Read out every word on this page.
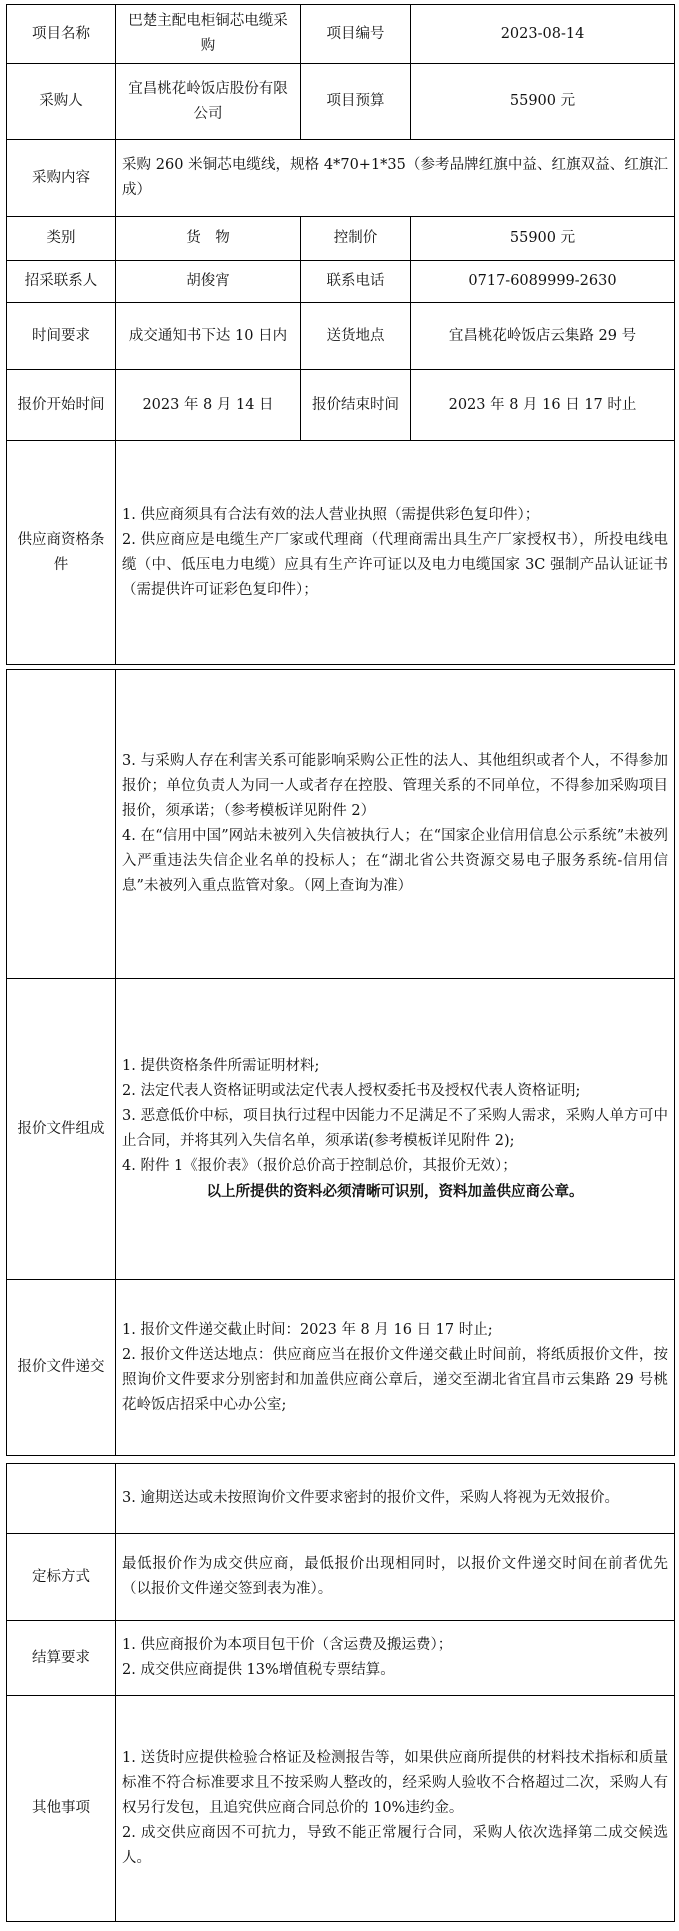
项目名称	巴楚主配电柜铜芯电缆采购	项目编号	2023-08-14
采购人	宜昌桃花岭饭店股份有限公司	项目预算	55900 元
采购内容	采购 260 米铜芯电缆线，规格 4*70+1*35（参考品牌红旗中益、红旗双益、红旗汇成）		
类别	货　物	控制价	55900 元
招采联系人	胡俊宵	联系电话	0717-6089999-2630
时间要求	成交通知书下达 10 日内	送货地点	宜昌桃花岭饭店云集路 29 号
报价开始时间	2023 年 8 月 14 日	报价结束时间	2023 年 8 月 16 日 17 时止
供应商资格条件	1. 供应商须具有合法有效的法人营业执照（需提供彩色复印件）；
2. 供应商应是电缆生产厂家或代理商（代理商需出具生产厂家授权书），所投电线电缆（中、低压电力电缆）应具有生产许可证以及电力电缆国家 3C 强制产品认证证书（需提供许可证彩色复印件）；		

	3. 与采购人存在利害关系可能影响采购公正性的法人、其他组织或者个人，不得参加报价；单位负责人为同一人或者存在控股、管理关系的不同单位，不得参加采购项目报价，须承诺；（参考模板详见附件 2）
4. 在“信用中国”网站未被列入失信被执行人；在“国家企业信用信息公示系统”未被列入严重违法失信企业名单的投标人；在“湖北省公共资源交易电子服务系统-信用信息”未被列入重点监管对象。（网上查询为准）

报价文件组成	1. 提供资格条件所需证明材料;
2. 法定代表人资格证明或法定代表人授权委托书及授权代表人资格证明;
3. 恶意低价中标，项目执行过程中因能力不足满足不了采购人需求，采购人单方可中止合同，并将其列入失信名单，须承诺(参考模板详见附件 2);
4. 附件 1《报价表》（报价总价高于控制总价，其报价无效）；
以上所提供的资料必须清晰可识别，资料加盖供应商公章。

报价文件递交	1. 报价文件递交截止时间：2023 年 8 月 16 日 17 时止;
2. 报价文件送达地点：供应商应当在报价文件递交截止时间前，将纸质报价文件，按照询价文件要求分别密封和加盖供应商公章后，递交至湖北省宜昌市云集路 29 号桃花岭饭店招采中心办公室;

	3. 逾期送达或未按照询价文件要求密封的报价文件，采购人将视为无效报价。

定标方式	最低报价作为成交供应商，最低报价出现相同时，以报价文件递交时间在前者优先（以报价文件递交签到表为准）。
结算要求	1. 供应商报价为本项目包干价（含运费及搬运费）；
2. 成交供应商提供 13%增值税专票结算。

其他事项	1. 送货时应提供检验合格证及检测报告等，如果供应商所提供的材料技术指标和质量标准不符合标准要求且不按采购人整改的，经采购人验收不合格超过二次，采购人有权另行发包，且追究供应商合同总价的 10%违约金。
2. 成交供应商因不可抗力，导致不能正常履行合同，采购人依次选择第二成交候选人。
